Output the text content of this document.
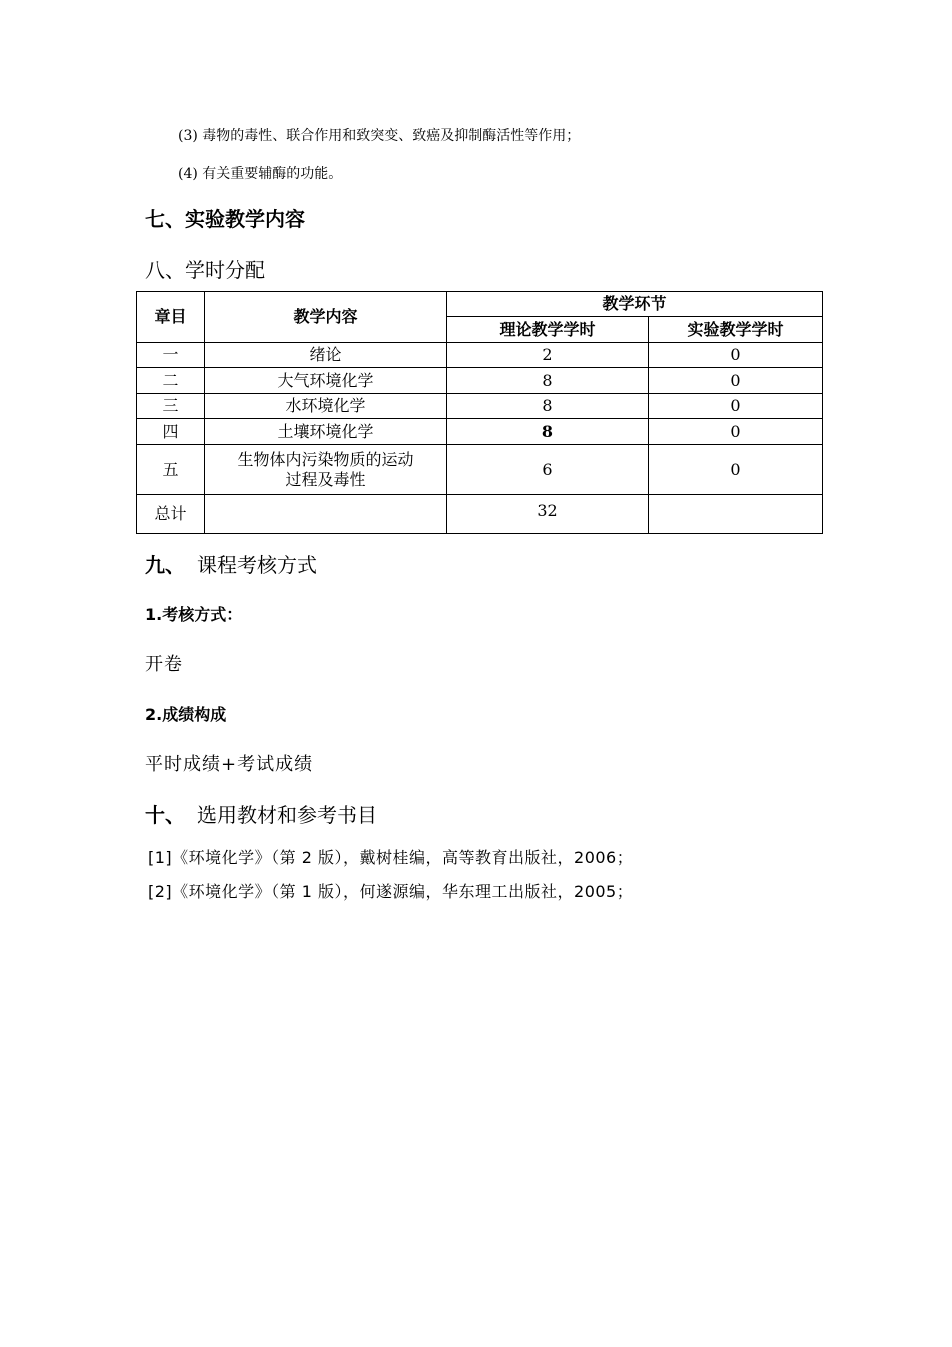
(3) 毒物的毒性、联合作用和致突变、致癌及抑制酶活性等作用；
(4) 有关重要辅酶的功能。
七、实验教学内容
八、学时分配
章目	教学内容	教学环节	
		理论教学学时	实验教学学时
一	绪论	2	0
二	大气环境化学	8	0
三	水环境化学	8	0
四	土壤环境化学	8	0
五	生物体内污染物质的运动
过程及毒性	6	0
总计		32	
九、 课程考核方式
1.考核方式：
开卷
2.成绩构成
平时成绩+考试成绩
十、 选用教材和参考书目
[1]《环境化学》（第 2 版），戴树桂编，高等教育出版社，2006；
[2]《环境化学》（第 1 版），何遂源编，华东理工出版社，2005；
